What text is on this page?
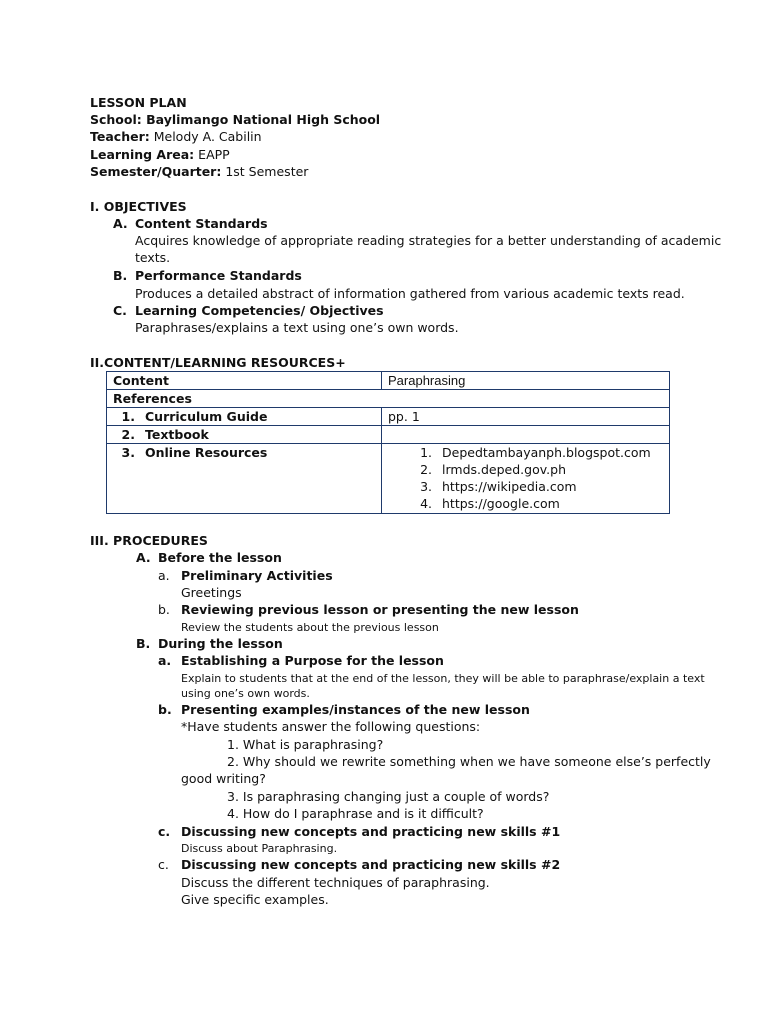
LESSON PLAN
School: Baylimango National High School
Teacher: Melody A. Cabilin
Learning Area: EAPP
Semester/Quarter: 1st Semester
I. OBJECTIVES
A. Content Standards
Acquires knowledge of appropriate reading strategies for a better understanding of academic
texts.
B. Performance Standards
Produces a detailed abstract of information gathered from various academic texts read.
C. Learning Competencies/ Objectives
Paraphrases/explains a text using one’s own words.
II.CONTENT/LEARNING RESOURCES+
Content	Paraphrasing
References	
1. Curriculum Guide	pp. 1
2. Textbook	
3. Online Resources	1. Depedtambayanph.blogspot.com
2. lrmds.deped.gov.ph
3. https://wikipedia.com
4. https://google.com
III. PROCEDURES
A. Before the lesson
a. Preliminary Activities
Greetings
b. Reviewing previous lesson or presenting the new lesson
Review the students about the previous lesson
B. During the lesson
a. Establishing a Purpose for the lesson
Explain to students that at the end of the lesson, they will be able to paraphrase/explain a text
using one’s own words.
b. Presenting examples/instances of the new lesson
*Have students answer the following questions:
1. What is paraphrasing?
2. Why should we rewrite something when we have someone else’s perfectly
good writing?
3. Is paraphrasing changing just a couple of words?
4. How do I paraphrase and is it difficult?
c. Discussing new concepts and practicing new skills #1
Discuss about Paraphrasing.
c. Discussing new concepts and practicing new skills #2
Discuss the different techniques of paraphrasing.
Give specific examples.
